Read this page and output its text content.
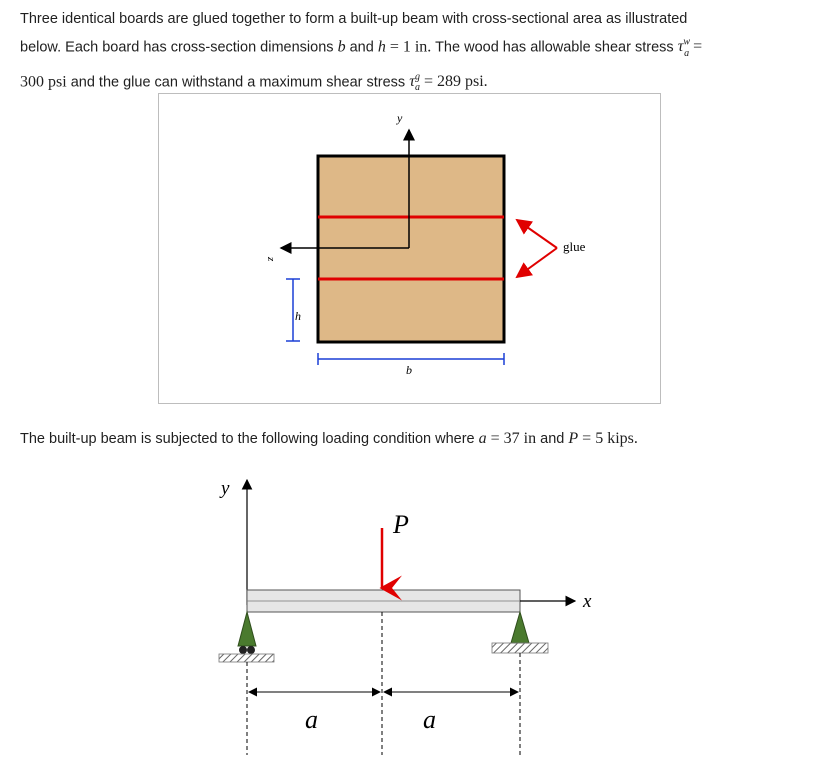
Three identical boards are glued together to form a built-up beam with cross-sectional area as illustrated
below. Each board has cross-section dimensions b and h = 1 in. The wood has allowable shear stress $\tau^w_a$ =
300 psi and the glue can withstand a maximum shear stress $\tau^g_a = 289$ psi.

y
z
h
b
glue

The built-up beam is subjected to the following loading condition where a = 37 in and P = 5 kips.

y
x
P
a	a
